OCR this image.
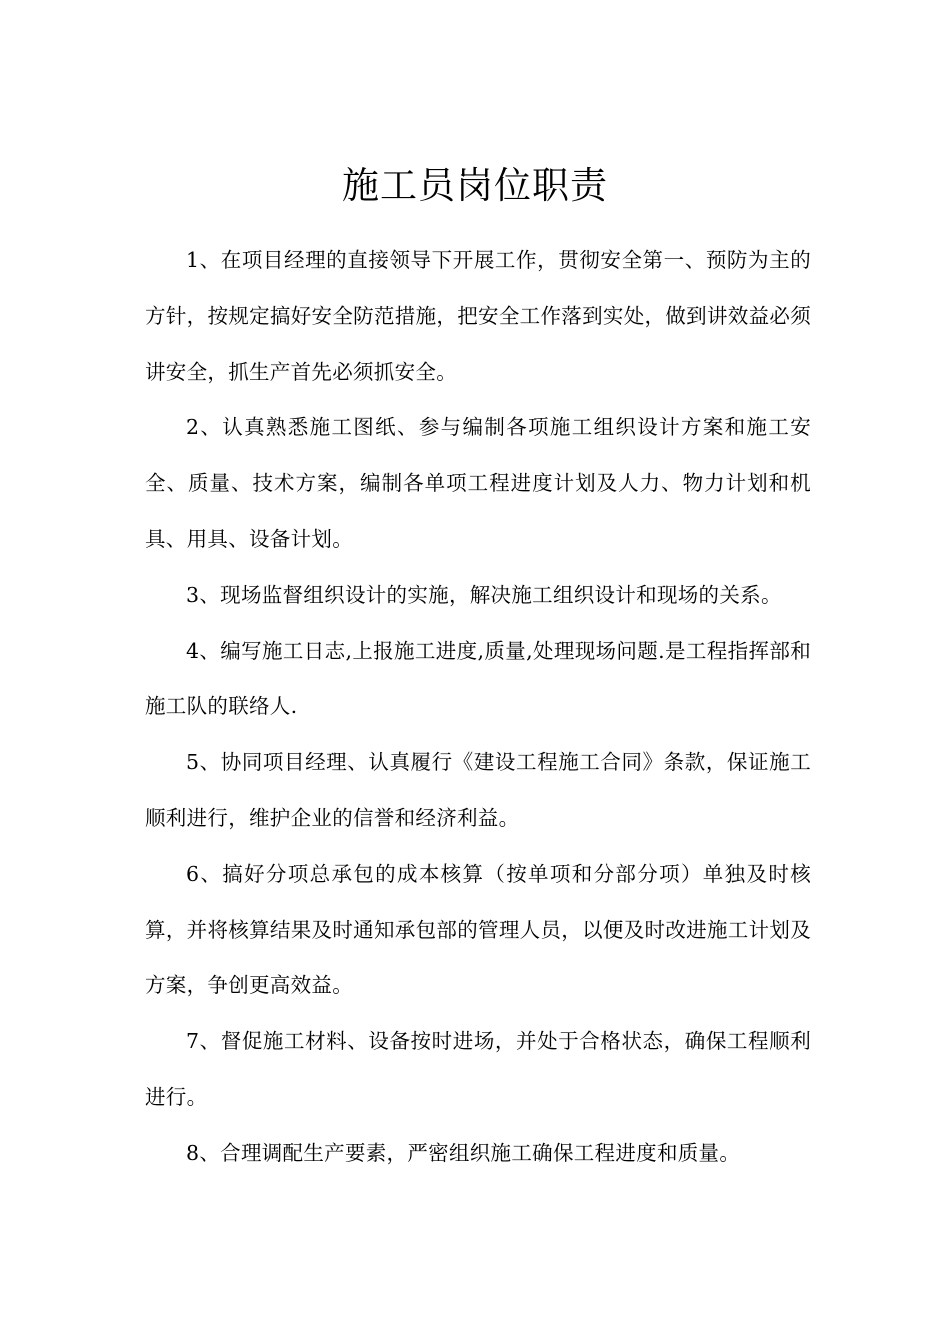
施工员岗位职责

1、在项目经理的直接领导下开展工作，贯彻安全第一、预防为主的方针，按规定搞好安全防范措施，把安全工作落到实处，做到讲效益必须讲安全，抓生产首先必须抓安全。

2、认真熟悉施工图纸、参与编制各项施工组织设计方案和施工安全、质量、技术方案，编制各单项工程进度计划及人力、物力计划和机具、用具、设备计划。

3、现场监督组织设计的实施，解决施工组织设计和现场的关系。

4、编写施工日志,上报施工进度,质量,处理现场问题.是工程指挥部和施工队的联络人.

5、协同项目经理、认真履行《建设工程施工合同》条款，保证施工顺利进行，维护企业的信誉和经济利益。

6、搞好分项总承包的成本核算（按单项和分部分项）单独及时核算，并将核算结果及时通知承包部的管理人员，以便及时改进施工计划及方案，争创更高效益。

7、督促施工材料、设备按时进场，并处于合格状态，确保工程顺利进行。

8、合理调配生产要素，严密组织施工确保工程进度和质量。
